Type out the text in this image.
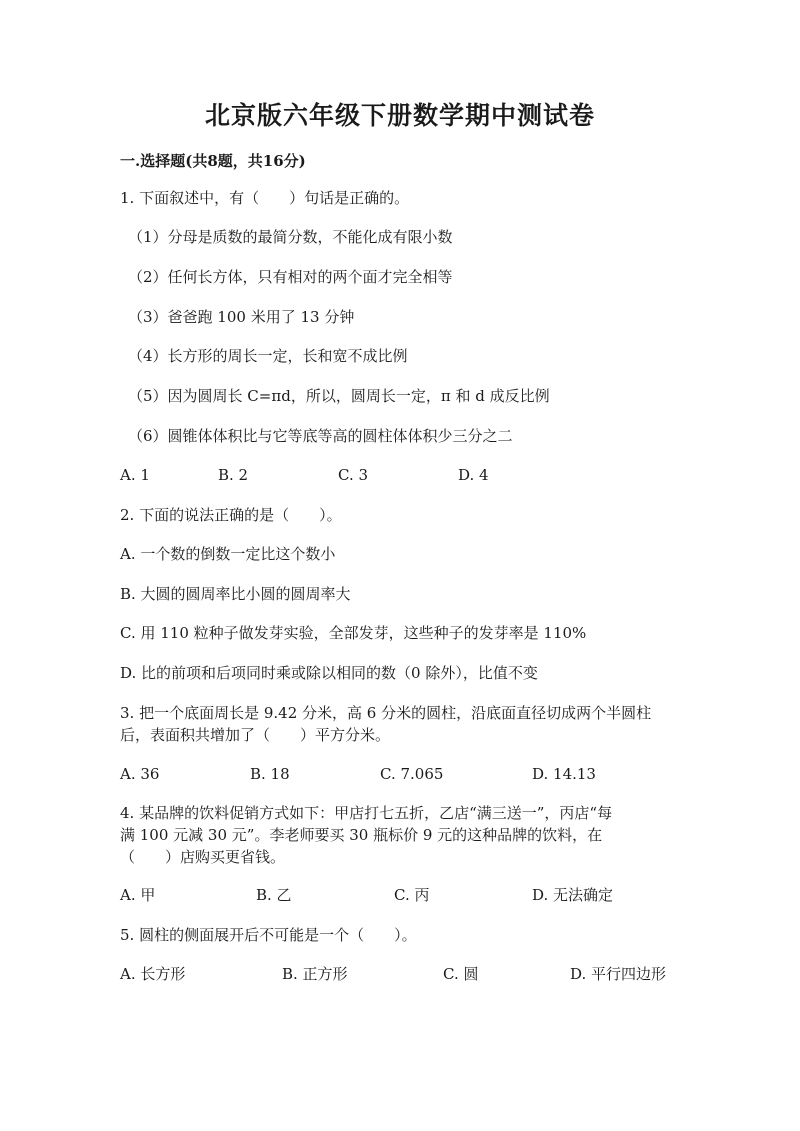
北京版六年级下册数学期中测试卷
一.选择题(共8题，共16分)
1. 下面叙述中，有（　　）句话是正确的。
（1）分母是质数的最简分数，不能化成有限小数
（2）任何长方体，只有相对的两个面才完全相等
（3）爸爸跑 100 米用了 13 分钟
（4）长方形的周长一定，长和宽不成比例
（5）因为圆周长 C=πd，所以，圆周长一定，π 和 d 成反比例
（6）圆锥体体积比与它等底等高的圆柱体体积少三分之二
A. 1	B. 2	C. 3	D. 4
2. 下面的说法正确的是（　　）。
A. 一个数的倒数一定比这个数小
B. 大圆的圆周率比小圆的圆周率大
C. 用 110 粒种子做发芽实验，全部发芽，这些种子的发芽率是 110%
D. 比的前项和后项同时乘或除以相同的数（0 除外），比值不变
3. 把一个底面周长是 9.42 分米，高 6 分米的圆柱，沿底面直径切成两个半圆柱
后，表面积共增加了（　　）平方分米。
A. 36	B. 18	C. 7.065	D. 14.13
4. 某品牌的饮料促销方式如下：甲店打七五折，乙店“满三送一”，丙店“每
满 100 元减 30 元”。李老师要买 30 瓶标价 9 元的这种品牌的饮料，在
（　　）店购买更省钱。
A. 甲	B. 乙	C. 丙	D. 无法确定
5. 圆柱的侧面展开后不可能是一个（　　）。
A. 长方形	B. 正方形	C. 圆	D. 平行四边形
